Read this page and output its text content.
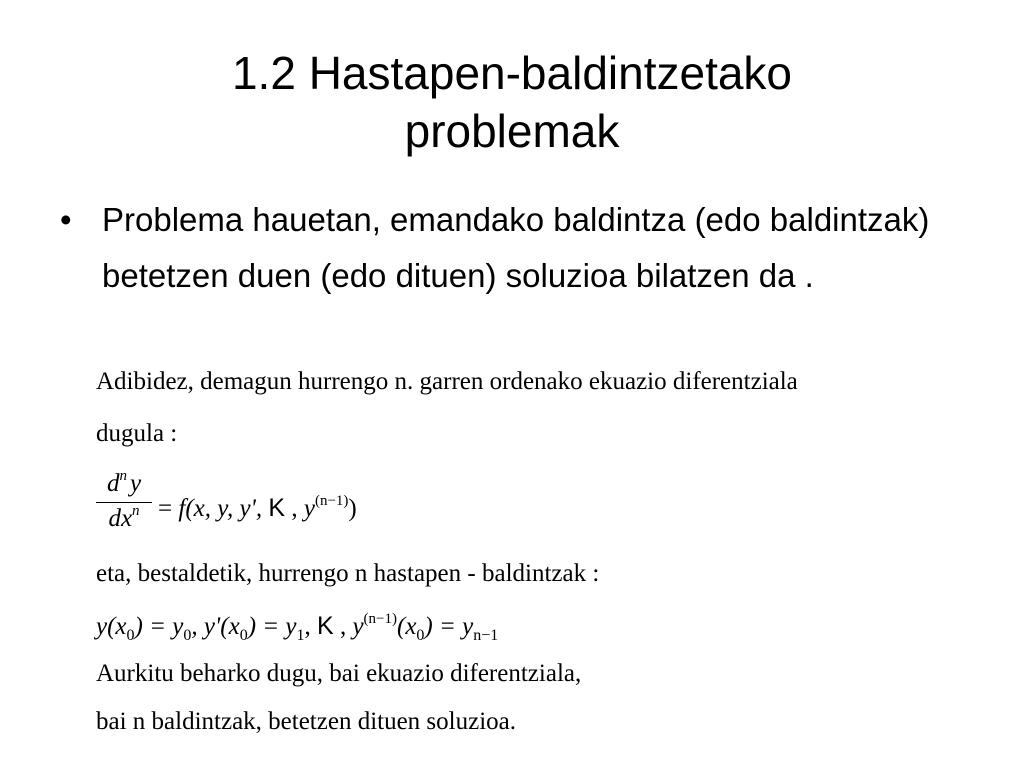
1.2 Hastapen-baldintzetako
problemak
• Problema hauetan, emandako baldintza (edo baldintzak) betetzen duen (edo dituen) soluzioa bilatzen da .
Adibidez, demagun hurrengo n. garren ordenako ekuazio diferentziala
dugula :
$d^n$ y
$dx^n = f(x$, y, y', K , $y^{(n-1)}$)
eta, bestaldetik, hurrengo n hastapen - baldintzak :
$y(x_0) = y_0$, $y'(x_0) = y_1$, K , $y^{(n-1)}(x_0) = y_{n-1}$
Aurkitu beharko dugu, bai ekuazio diferentziala,
bai n baldintzak, betetzen dituen soluzioa.
